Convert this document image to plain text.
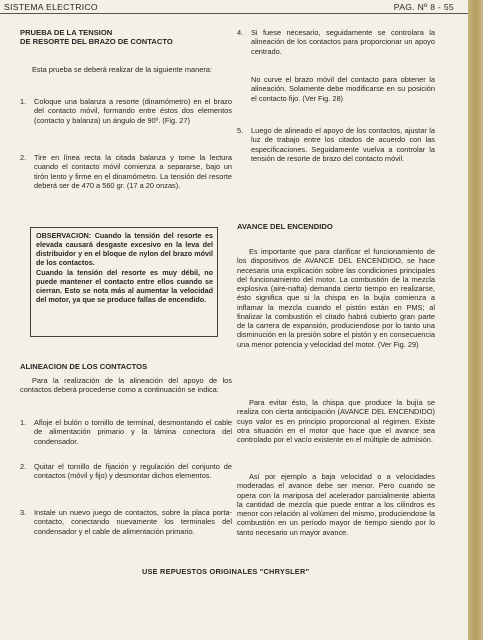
SISTEMA ELECTRICO	PAG. Nº 8 - 55

PRUEBA DE LA TENSION

DE RESORTE DEL BRAZO DE CONTACTO

Esta prueba se deberá realizar de la siguiente manera:

1. Coloque una balanza a resorte (dinamómetro) en el brazo del contacto móvil, formando entre éstos dos elementos (contacto y balanza) un ángulo de 90º. (Fig. 27)

2. Tire en línea recta la citada balanza y tome la lectura cuando el contacto móvil comienza a separarse, bajo un tirón lento y firme en el dinamómetro. La tensión del resorte deberá ser de 470 a 560 gr. (17 a 20 onzas).

OBSERVACION: Cuando la tensión del resorte es elevada causará desgaste excesivo en la leva del distribuidor y en el bloque de nylon del brazo móvil de los contactos.

Cuando la tensión del resorte es muy débil, no puede mantener el contacto entre ellos cuando se cierran. Esto se nota más al aumentar la velocidad del motor, ya que se produce fallas de encendido.

ALINEACION DE LOS CONTACTOS

Para la realización de la alineación del apoyo de los contactos deberá procederse como a continuación se indica:

1. Afloje el bulón o tornillo de terminal, desmontando el cable de alimentación primario y la lámina conectora del condensador.

2. Quitar el tornillo de fijación y regulación del conjunto de contactos (móvil y fijo) y desmontar dichos elementos.

3. Instale un nuevo juego de contactos, sobre la placa porta-contacto, conectando nuevamente los terminales del condensador y el cable de alimentación primario.

4. Si fuese necesario, seguidamente se controlara la alineación de los contactos para proporcionar un apoyo centrado.

No curve el brazo móvil del contacto para obtener la alineación. Solamente debe modificarse en su posición el contacto fijo. (Ver Fig. 28)

5. Luego de alineado el apoyo de los contactos, ajustar la luz de trabajo entre los citados de acuerdo con las especificaciones. Seguidamente vuelva a controlar la tensión de resorte de brazo del contacto móvil.

AVANCE DEL ENCENDIDO

Es importante que para clarificar el funcionamiento de los dispositivos de AVANCE DEL ENCENDIDO, se hace necesaria una explicación sobre las condiciones principales del funcionamiento del motor. La combustión de la mezcla explosiva (aire-nafta) demanda cierto tiempo en realizarse, ésto significa que si la chispa en la bujía comienza a inflamar la mezcla cuando el pistón están en PMS; al finalizar la combustión el citado habrá cubierto gran parte de la carrera de expansión, produciendose por lo tanto una disminución en la presión sobre el pistón y en consecuencia una menor potencia y velocidad del motor. (Ver Fig. 29)

Para evitar ésto, la chispa que produce la bujía se realiza con cierta anticipación (AVANCE DEL ENCENDIDO) cuyo valor es en principio proporcional al régimen. Existe otra situación en el motor que hace que el avance sea controlado por el vacío existente en el múltiple de admisión.

Así por ejemplo a baja velocidad o a velocidades moderadas el avance debe ser menor. Pero cuando se opera con la mariposa del acelerador parcialmente abierta la cantidad de mezcla que puede entrar a los cilindros es menor con relación al volúmen del mismo, produciendose la combustión en un período mayor de tiempo siendo por lo tanto necesario un mayor avance.

USE REPUESTOS ORIGINALES "CHRYSLER"
